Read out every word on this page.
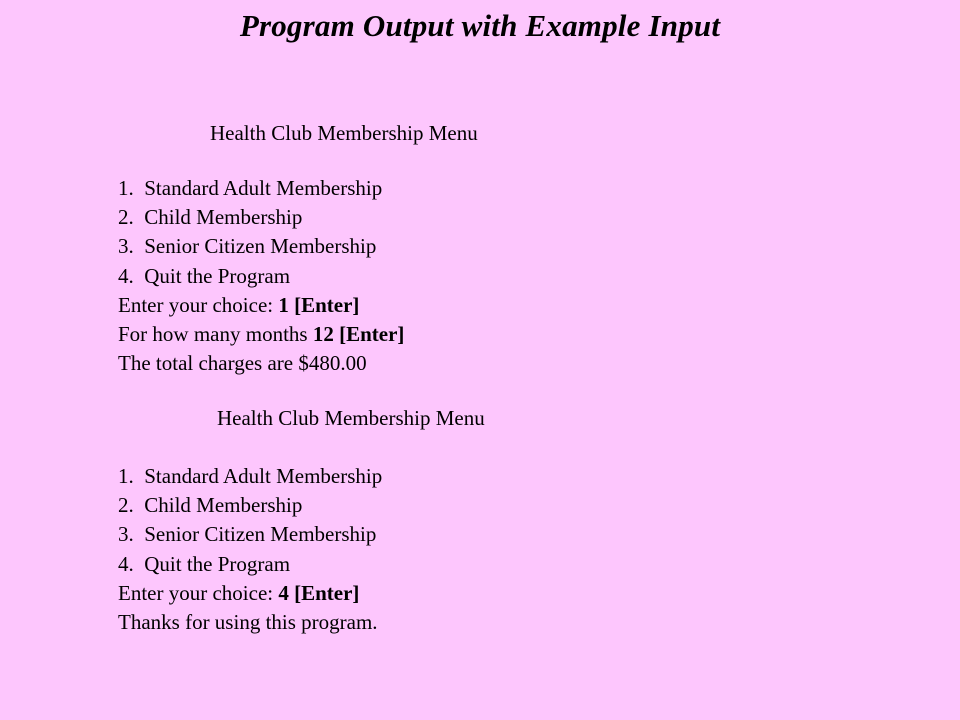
Program Output with Example Input
Health Club Membership Menu
1.  Standard Adult Membership
2.  Child Membership
3.  Senior Citizen Membership
4.  Quit the Program
Enter your choice: 1 [Enter]
For how many months 12 [Enter]
The total charges are $480.00
Health Club Membership Menu
1.  Standard Adult Membership
2.  Child Membership
3.  Senior Citizen Membership
4.  Quit the Program
Enter your choice: 4 [Enter]
Thanks for using this program.
